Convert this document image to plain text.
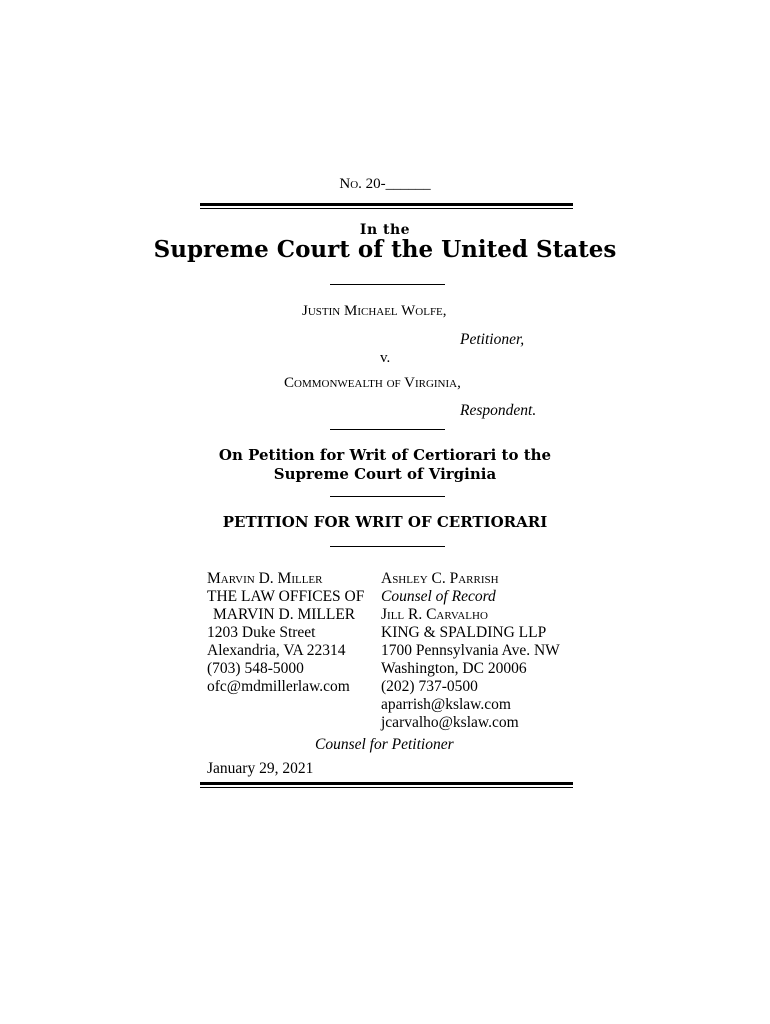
No. 20-______
In the
Supreme Court of the United States
Justin Michael Wolfe,
Petitioner,
v.
Commonwealth of Virginia,
Respondent.
On Petition for Writ of Certiorari to the
Supreme Court of Virginia
PETITION FOR WRIT OF CERTIORARI
Marvin D. Miller
THE LAW OFFICES OF
MARVIN D. MILLER
1203 Duke Street
Alexandria, VA 22314
(703) 548-5000
ofc@mdmillerlaw.com
Ashley C. Parrish
Counsel of Record
Jill R. Carvalho
KING & SPALDING LLP
1700 Pennsylvania Ave. NW
Washington, DC 20006
(202) 737-0500
aparrish@kslaw.com
jcarvalho@kslaw.com
Counsel for Petitioner
January 29, 2021
